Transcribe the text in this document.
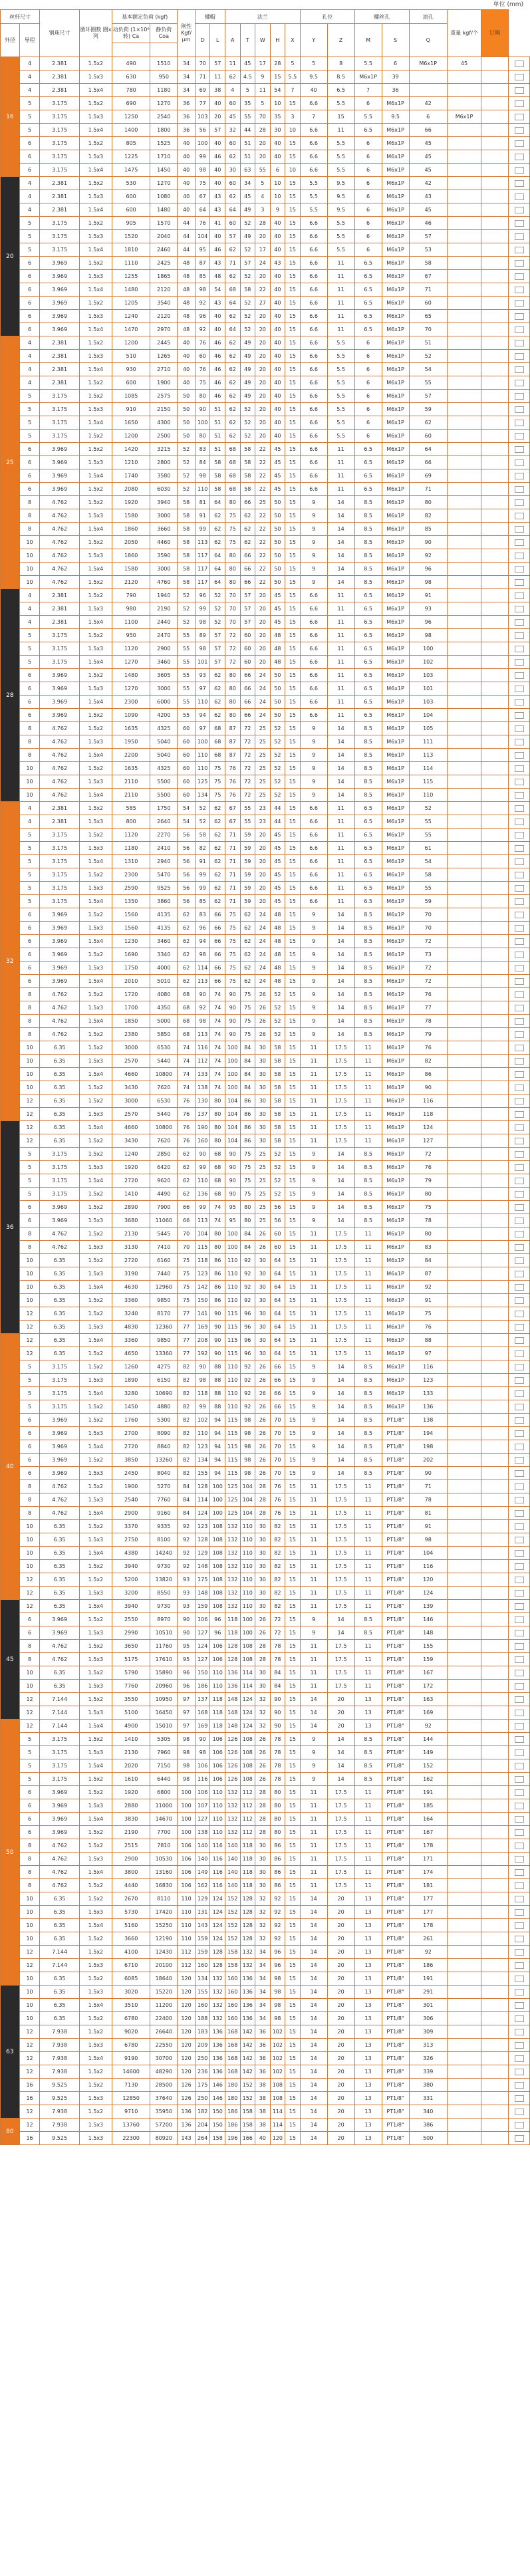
单位 (mm)
丝杆尺寸		钢珠尺寸	循环圈数 圈x列	基本额定负荷 (kgf)		刚性 Kgf/μm	螺帽		法兰					孔位		螺丝孔		油孔	重量 kgf/个	订购	
外径	导程			动负荷 (1×10⁶ 转) Ca	静负荷 Coa		D	L	A	T	W	H	X	Y	Z	M	S	Q			

16	4	2.381	1.5x2	490	1510	34	70	57	11	45	17	28	5	5	8	5.5	6	M6x1P	45		
	4	2.381	1.5x3	630	950	34	71	11	62	4.5	9	15	5.5	9.5	8.5	M6x1P	39				
	4	2.381	1.5x4	780	1180	34	69	38	4	5	11	54	7	40	6.5	7	36				
	5	3.175	1.5x2	690	1270	36	77	40	60	35	5	10	15	6.6	5.5	6	M6x1P	42			
	5	3.175	1.5x3	1250	2540	36	103	20	45	55	70	35	3	7	15	5.5	9.5	6	M6x1P		
	5	3.175	1.5x4	1400	1800	36	56	57	32	44	28	30	10	6.6	11	6.5	M6x1P	66			
	6	3.175	1.5x2	805	1525	40	100	40	60	51	20	40	15	6.6	5.5	6	M6x1P	45			
	6	3.175	1.5x3	1225	1710	40	99	46	62	51	20	40	15	6.6	5.5	6	M6x1P	45			
	6	3.175	1.5x4	1475	1450	40	98	40	30	63	55	6	10	6.6	5.5	6	M6x1P	45			
20	4	2.381	1.5x2	530	1270	40	75	40	60	34	5	10	15	5.5	9.5	6	M6x1P	42			
	4	2.381	1.5x3	600	1080	40	67	43	62	45	4	10	15	5.5	9.5	6	M6x1P	43			
	4	2.381	1.5x4	600	1480	40	64	43	64	49	3	9	15	5.5	9.5	6	M6x1P	45			
	5	3.175	1.5x2	905	1570	44	76	41	60	52	28	40	15	6.6	5.5	6	M6x1P	46			
	5	3.175	1.5x3	1520	2040	44	104	40	57	49	20	40	15	6.6	5.5	6	M6x1P	57			
	5	3.175	1.5x4	1810	2460	44	95	46	62	52	17	40	15	6.6	5.5	6	M6x1P	53			
	6	3.969	1.5x2	1110	2425	48	87	43	71	57	24	43	15	6.6	11	6.5	M6x1P	58			
	6	3.969	1.5x3	1255	1865	48	85	48	62	52	20	40	15	6.6	11	6.5	M6x1P	67			
	6	3.969	1.5x4	1480	2120	48	98	54	68	58	22	40	15	6.6	11	6.5	M6x1P	71			
	6	3.969	1.5x2	1205	3540	48	92	43	64	52	27	40	15	6.6	11	6.5	M6x1P	60			
	6	3.969	1.5x3	1240	2120	48	96	40	62	52	20	40	15	6.6	11	6.5	M6x1P	65			
	6	3.969	1.5x4	1470	2970	48	92	40	64	52	20	40	15	6.6	11	6.5	M6x1P	70			
25	4	2.381	1.5x2	1200	2445	40	76	46	62	49	20	40	15	6.6	5.5	6	M6x1P	51			
	4	2.381	1.5x3	510	1265	40	60	46	62	49	20	40	15	6.6	5.5	6	M6x1P	52			
	4	2.381	1.5x4	930	2710	40	76	46	62	49	20	40	15	6.6	5.5	6	M6x1P	54			
	4	2.381	1.5x2	600	1900	40	75	46	62	49	20	40	15	6.6	5.5	6	M6x1P	55			
	5	3.175	1.5x2	1085	2575	50	80	46	62	49	20	40	15	6.6	5.5	6	M6x1P	57			
	5	3.175	1.5x3	910	2150	50	90	51	62	52	20	40	15	6.6	5.5	6	M6x1P	59			
	5	3.175	1.5x4	1650	4300	50	100	51	62	52	20	40	15	6.6	5.5	6	M6x1P	62			
	5	3.175	1.5x2	1200	2500	50	80	51	62	52	20	40	15	6.6	5.5	6	M6x1P	60			
	6	3.969	1.5x2	1420	3215	52	83	51	68	58	22	45	15	6.6	11	6.5	M6x1P	64			
	6	3.969	1.5x3	1210	2800	52	84	58	68	58	22	45	15	6.6	11	6.5	M6x1P	66			
	6	3.969	1.5x4	1740	3580	52	98	58	68	58	22	45	15	6.6	11	6.5	M6x1P	69			
	6	3.969	1.5x2	2080	6030	52	110	58	68	58	22	45	15	6.6	11	6.5	M6x1P	71			
	8	4.762	1.5x2	1920	3940	58	81	64	80	66	25	50	15	9	14	8.5	M6x1P	80			
	8	4.762	1.5x3	1580	3000	58	91	62	75	62	22	50	15	9	14	8.5	M6x1P	82			
	8	4.762	1.5x4	1860	3660	58	99	62	75	62	22	50	15	9	14	8.5	M6x1P	85			
	10	4.762	1.5x2	2050	4460	58	113	62	75	62	22	50	15	9	14	8.5	M6x1P	90			
	10	4.762	1.5x3	1860	3590	58	117	64	80	66	22	50	15	9	14	8.5	M6x1P	92			
	10	4.762	1.5x4	1580	3000	58	117	64	80	66	22	50	15	9	14	8.5	M6x1P	96			
	10	4.762	1.5x2	2120	4760	58	117	64	80	66	22	50	15	9	14	8.5	M6x1P	98			
28	4	2.381	1.5x2	790	1940	52	96	52	70	57	20	45	15	6.6	11	6.5	M6x1P	91			
	4	2.381	1.5x3	980	2190	52	99	52	70	57	20	45	15	6.6	11	6.5	M6x1P	93			
	4	2.381	1.5x4	1100	2440	52	98	52	70	57	20	45	15	6.6	11	6.5	M6x1P	96			
	5	3.175	1.5x2	950	2470	55	89	57	72	60	20	48	15	6.6	11	6.5	M6x1P	98			
	5	3.175	1.5x3	1120	2900	55	98	57	72	60	20	48	15	6.6	11	6.5	M6x1P	100			
	5	3.175	1.5x4	1270	3460	55	101	57	72	60	20	48	15	6.6	11	6.5	M6x1P	102			
	6	3.969	1.5x2	1480	3605	55	93	62	80	66	24	50	15	6.6	11	6.5	M6x1P	103			
	6	3.969	1.5x3	1270	3000	55	97	62	80	66	24	50	15	6.6	11	6.5	M6x1P	101			
	6	3.969	1.5x4	2300	6000	55	110	62	80	66	24	50	15	6.6	11	6.5	M6x1P	103			
	6	3.969	1.5x2	1090	4200	55	94	62	80	66	24	50	15	6.6	11	6.5	M6x1P	104			
	8	4.762	1.5x2	1635	4325	60	97	68	87	72	25	52	15	9	14	8.5	M6x1P	105			
	8	4.762	1.5x3	1950	5040	60	100	68	87	72	25	52	15	9	14	8.5	M6x1P	111			
	8	4.762	1.5x4	2200	5040	60	110	68	87	72	25	52	15	9	14	8.5	M6x1P	113			
	10	4.762	1.5x2	1635	4325	60	110	75	76	72	25	52	15	9	14	8.5	M6x1P	114			
	10	4.762	1.5x3	2110	5500	60	125	75	76	72	25	52	15	9	14	8.5	M6x1P	115			
	10	4.762	1.5x4	2110	5500	60	134	75	76	72	25	52	15	9	14	8.5	M6x1P	110			
32	4	2.381	1.5x2	585	1750	54	52	62	67	55	23	44	15	6.6	11	6.5	M6x1P	52			
	4	2.381	1.5x3	800	2640	54	52	62	67	55	23	44	15	6.6	11	6.5	M6x1P	55			
	5	3.175	1.5x2	1120	2270	56	58	62	71	59	20	45	15	6.6	11	6.5	M6x1P	55			
	5	3.175	1.5x3	1180	2410	56	82	62	71	59	20	45	15	6.6	11	6.5	M6x1P	61			
	5	3.175	1.5x4	1310	2940	56	91	62	71	59	20	45	15	6.6	11	6.5	M6x1P	54			
	5	3.175	1.5x2	2300	5470	56	99	62	71	59	20	45	15	6.6	11	6.5	M6x1P	58			
	5	3.175	1.5x3	2590	9525	56	99	62	71	59	20	45	15	6.6	11	6.5	M6x1P	55			
	5	3.175	1.5x4	1350	3860	56	85	62	71	59	20	45	15	6.6	11	6.5	M6x1P	59			
	6	3.969	1.5x2	1560	4135	62	83	66	75	62	24	48	15	9	14	8.5	M6x1P	70			
	6	3.969	1.5x3	1560	4135	62	96	66	75	62	24	48	15	9	14	8.5	M6x1P	70			
	6	3.969	1.5x4	1230	3460	62	94	66	75	62	24	48	15	9	14	8.5	M6x1P	72			
	6	3.969	1.5x2	1690	3340	62	98	66	75	62	24	48	15	9	14	8.5	M6x1P	73			
	6	3.969	1.5x3	1750	4000	62	114	66	75	62	24	48	15	9	14	8.5	M6x1P	72			
	6	3.969	1.5x4	2010	5010	62	113	66	75	62	24	48	15	9	14	8.5	M6x1P	72			
	8	4.762	1.5x2	1720	4080	68	90	74	90	75	26	52	15	9	14	8.5	M6x1P	76			
	8	4.762	1.5x3	1700	4350	68	92	74	90	75	26	52	15	9	14	8.5	M6x1P	77			
	8	4.762	1.5x4	1850	5000	68	98	74	90	75	26	52	15	9	14	8.5	M6x1P	78			
	8	4.762	1.5x2	2380	5850	68	113	74	90	75	26	52	15	9	14	8.5	M6x1P	79			
	10	6.35	1.5x2	3000	6530	74	116	74	100	84	30	58	15	11	17.5	11	M6x1P	76			
	10	6.35	1.5x3	2570	5440	74	112	74	100	84	30	58	15	11	17.5	11	M6x1P	82			
	10	6.35	1.5x4	4660	10800	74	133	74	100	84	30	58	15	11	17.5	11	M6x1P	86			
	10	6.35	1.5x2	3430	7620	74	138	74	100	84	30	58	15	11	17.5	11	M6x1P	90			
	12	6.35	1.5x2	3000	6530	76	130	80	104	86	30	58	15	11	17.5	11	M6x1P	116			
	12	6.35	1.5x3	2570	5440	76	137	80	104	86	30	58	15	11	17.5	11	M6x1P	118			
36	12	6.35	1.5x4	4660	10800	76	190	80	104	86	30	58	15	11	17.5	11	M6x1P	124			
	12	6.35	1.5x2	3430	7620	76	160	80	104	86	30	58	15	11	17.5	11	M6x1P	127			
	5	3.175	1.5x2	1240	2850	62	90	68	90	75	25	52	15	9	14	8.5	M6x1P	72			
	5	3.175	1.5x3	1920	6420	62	99	68	90	75	25	52	15	9	14	8.5	M6x1P	76			
	5	3.175	1.5x4	2720	9620	62	110	68	90	75	25	52	15	9	14	8.5	M6x1P	79			
	5	3.175	1.5x2	1410	4490	62	136	68	90	75	25	52	15	9	14	8.5	M6x1P	80			
	6	3.969	1.5x2	2890	7900	66	99	74	95	80	25	56	15	9	14	8.5	M6x1P	75			
	6	3.969	1.5x3	3680	11060	66	113	74	95	80	25	56	15	9	14	8.5	M6x1P	78			
	8	4.762	1.5x2	2130	5445	70	104	80	100	84	26	60	15	11	17.5	11	M6x1P	80			
	8	4.762	1.5x3	3130	7410	70	115	80	100	84	26	60	15	11	17.5	11	M6x1P	83			
	10	6.35	1.5x2	2720	6160	75	118	86	110	92	30	64	15	11	17.5	11	M6x1P	84			
	10	6.35	1.5x3	3190	7440	75	123	86	110	92	30	64	15	11	17.5	11	M6x1P	87			
	10	6.35	1.5x4	4630	12960	75	142	86	110	92	30	64	15	11	17.5	11	M6x1P	92			
	10	6.35	1.5x2	3360	9850	75	150	86	110	92	30	64	15	11	17.5	11	M6x1P	91			
	12	6.35	1.5x2	3240	8170	77	141	90	115	96	30	64	15	11	17.5	11	M6x1P	75			
	12	6.35	1.5x3	4830	12360	77	169	90	115	96	30	64	15	11	17.5	11	M6x1P	76			
40	12	6.35	1.5x4	3360	9850	77	208	90	115	96	30	64	15	11	17.5	11	M6x1P	88			
	12	6.35	1.5x2	4650	13360	77	192	90	115	96	30	64	15	11	17.5	11	M6x1P	97			
	5	3.175	1.5x2	1260	4275	82	90	88	110	92	26	66	15	9	14	8.5	M6x1P	116			
	5	3.175	1.5x3	1890	6150	82	98	88	110	92	26	66	15	9	14	8.5	M6x1P	123			
	5	3.175	1.5x4	3280	10690	82	118	88	110	92	26	66	15	9	14	8.5	M6x1P	133			
	5	3.175	1.5x2	1450	4880	82	99	88	110	92	26	66	15	9	14	8.5	M6x1P	136			
	6	3.969	1.5x2	1760	5300	82	102	94	115	98	26	70	15	9	14	8.5	PT1/8"	138			
	6	3.969	1.5x3	2700	8090	82	110	94	115	98	26	70	15	9	14	8.5	PT1/8"	194			
	6	3.969	1.5x4	2720	8840	82	123	94	115	98	26	70	15	9	14	8.5	PT1/8"	198			
	6	3.969	1.5x2	3850	13260	82	134	94	115	98	26	70	15	9	14	8.5	PT1/8"	202			
	6	3.969	1.5x3	2450	8040	82	155	94	115	98	26	70	15	9	14	8.5	PT1/8"	90			
	8	4.762	1.5x2	1900	5270	84	128	100	125	104	28	76	15	11	17.5	11	PT1/8"	71			
	8	4.762	1.5x3	2540	7760	84	114	100	125	104	28	76	15	11	17.5	11	PT1/8"	78			
	8	4.762	1.5x4	2900	9160	84	124	100	125	104	28	76	15	11	17.5	11	PT1/8"	81			
	10	6.35	1.5x2	3370	9335	92	123	108	132	110	30	82	15	11	17.5	11	PT1/8"	91			
	10	6.35	1.5x3	2750	8100	92	128	108	132	110	30	82	15	11	17.5	11	PT1/8"	98			
	10	6.35	1.5x4	4380	14240	92	129	108	132	110	30	82	15	11	17.5	11	PT1/8"	104			
	10	6.35	1.5x2	3940	9730	92	148	108	132	110	30	82	15	11	17.5	11	PT1/8"	116			
	12	6.35	1.5x2	5200	13820	93	175	108	132	110	30	82	15	11	17.5	11	PT1/8"	120			
	12	6.35	1.5x3	3200	8550	93	148	108	132	110	30	82	15	11	17.5	11	PT1/8"	124			
45	12	6.35	1.5x4	3940	9730	93	159	108	132	110	30	82	15	11	17.5	11	PT1/8"	139			
	6	3.969	1.5x2	2550	8970	90	106	96	118	100	26	72	15	9	14	8.5	PT1/8"	146			
	6	3.969	1.5x3	2990	10510	90	127	96	118	100	26	72	15	9	14	8.5	PT1/8"	148			
	8	4.762	1.5x2	3650	11760	95	124	106	128	108	28	78	15	11	17.5	11	PT1/8"	155			
	8	4.762	1.5x3	5175	17610	95	127	106	128	108	28	78	15	11	17.5	11	PT1/8"	159			
	10	6.35	1.5x2	5790	15890	96	150	110	136	114	30	84	15	11	17.5	11	PT1/8"	167			
	10	6.35	1.5x3	7760	20960	96	186	110	136	114	30	84	15	11	17.5	11	PT1/8"	172			
	12	7.144	1.5x2	3550	10950	97	137	118	148	124	32	90	15	14	20	13	PT1/8"	163			
	12	7.144	1.5x3	5100	16450	97	168	118	148	124	32	90	15	14	20	13	PT1/8"	169			
50	12	7.144	1.5x4	4900	15010	97	169	118	148	124	32	90	15	14	20	13	PT1/8"	92			
	5	3.175	1.5x2	1410	5305	98	90	106	126	108	26	78	15	9	14	8.5	PT1/8"	144			
	5	3.175	1.5x3	2130	7960	98	98	106	126	108	26	78	15	9	14	8.5	PT1/8"	149			
	5	3.175	1.5x4	2020	7150	98	106	106	126	108	26	78	15	9	14	8.5	PT1/8"	152			
	5	3.175	1.5x2	1610	6440	98	116	106	126	108	26	78	15	9	14	8.5	PT1/8"	162			
	6	3.969	1.5x2	1920	6800	100	106	110	132	112	28	80	15	11	17.5	11	PT1/8"	191			
	6	3.969	1.5x3	2880	11000	100	107	110	132	112	28	80	15	11	17.5	11	PT1/8"	185			
	6	3.969	1.5x4	3830	14670	100	127	110	132	112	28	80	15	11	17.5	11	PT1/8"	164			
	6	3.969	1.5x2	2190	7700	100	138	110	132	112	28	80	15	11	17.5	11	PT1/8"	167			
	8	4.762	1.5x2	2515	7810	106	140	116	140	118	30	86	15	11	17.5	11	PT1/8"	178			
	8	4.762	1.5x3	2900	10530	106	140	116	140	118	30	86	15	11	17.5	11	PT1/8"	171			
	8	4.762	1.5x4	3800	13160	106	149	116	140	118	30	86	15	11	17.5	11	PT1/8"	174			
	8	4.762	1.5x2	4440	16830	106	162	116	140	118	30	86	15	11	17.5	11	PT1/8"	181			
	10	6.35	1.5x2	2670	8110	110	129	124	152	128	32	92	15	14	20	13	PT1/8"	177			
	10	6.35	1.5x3	5730	17420	110	131	124	152	128	32	92	15	14	20	13	PT1/8"	177			
	10	6.35	1.5x4	5160	15250	110	143	124	152	128	32	92	15	14	20	13	PT1/8"	178			
	10	6.35	1.5x2	3660	12190	110	159	124	152	128	32	92	15	14	20	13	PT1/8"	261			
	12	7.144	1.5x2	4100	12430	112	159	128	158	132	34	96	15	14	20	13	PT1/8"	92			
	12	7.144	1.5x3	6710	20100	112	160	128	158	132	34	96	15	14	20	13	PT1/8"	186			
	10	6.35	1.5x2	6085	18640	120	134	132	160	136	34	98	15	14	20	13	PT1/8"	191			
63	10	6.35	1.5x3	3020	15220	120	155	132	160	136	34	98	15	14	20	13	PT1/8"	291			
	10	6.35	1.5x4	3510	11200	120	160	132	160	136	34	98	15	14	20	13	PT1/8"	301			
	10	6.35	1.5x2	6780	22400	120	188	132	160	136	34	98	15	14	20	13	PT1/8"	306			
	12	7.938	1.5x2	9020	26640	120	183	136	168	142	36	102	15	14	20	13	PT1/8"	309			
	12	7.938	1.5x3	6780	22550	120	209	136	168	142	36	102	15	14	20	13	PT1/8"	313			
	12	7.938	1.5x4	9190	30700	120	250	136	168	142	36	102	15	14	20	13	PT1/8"	326			
	12	7.938	1.5x2	14600	48290	120	236	136	168	142	36	102	15	14	20	13	PT1/8"	339			
	16	9.525	1.5x2	7130	28500	126	175	146	180	152	38	108	15	14	20	13	PT1/8"	380			
	16	9.525	1.5x3	12850	37640	126	250	146	180	152	38	108	15	14	20	13	PT1/8"	331			
	12	7.938	1.5x2	9710	35950	136	182	150	186	158	38	114	15	14	20	13	PT1/8"	340			
80	12	7.938	1.5x3	13760	57200	136	204	150	186	158	38	114	15	14	20	13	PT1/8"	386			
	16	9.525	1.5x3	22300	80920	143	264	158	196	166	40	120	15	14	20	13	PT1/8"	500			
